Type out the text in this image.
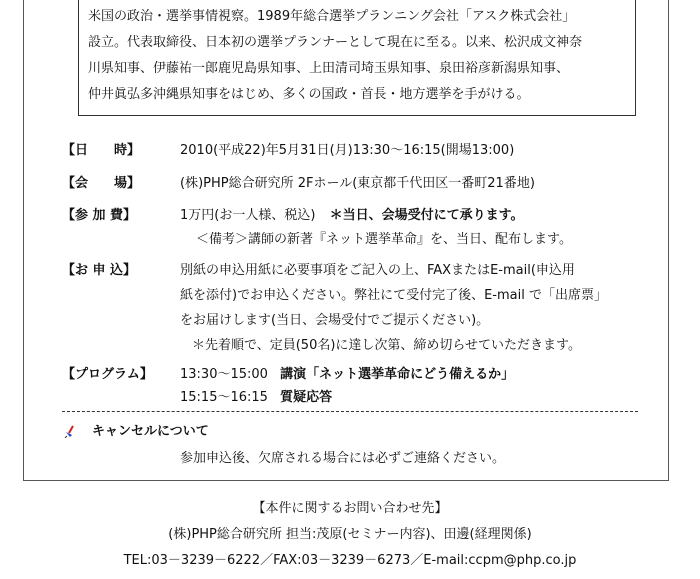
米国の政治・選挙事情視察。1989年総合選挙プランニング会社「アスク株式会社」
設立。代表取締役、日本初の選挙プランナーとして現在に至る。以来、松沢成文神奈
川県知事、伊藤祐一郎鹿児島県知事、上田清司埼玉県知事、泉田裕彦新潟県知事、
仲井眞弘多沖縄県知事をはじめ、多くの国政・首長・地方選挙を手がける。
【日　　時】	2010(平成22)年5月31日(月)13:30～16:15(開場13:00)
【会　　場】	(株)PHP総合研究所 2Fホール(東京都千代田区一番町21番地)
【参 加 費】	1万円(お一人様、税込) ＊当日、会場受付にて承ります。
＜備考＞講師の新著『ネット選挙革命』を、当日、配布します。
【お 申 込】	別紙の申込用紙に必要事項をご記入の上、FAXまたはE-mail(申込用
紙を添付)でお申込ください。弊社にて受付完了後、E-mail で「出席票」
をお届けします(当日、会場受付でご提示ください)。
＊先着順で、定員(50名)に達し次第、締め切らせていただきます。
【プログラム】 13:30～15:00 講演「ネット選挙革命にどう備えるか」
15:15～16:15 質疑応答
キャンセルについて
参加申込後、欠席される場合には必ずご連絡ください。
【本件に関するお問い合わせ先】
(株)PHP総合研究所 担当:茂原(セミナー内容)、田邊(経理関係)
TEL:03－3239－6222／FAX:03－3239－6273／E-mail:ccpm@php.co.jp
